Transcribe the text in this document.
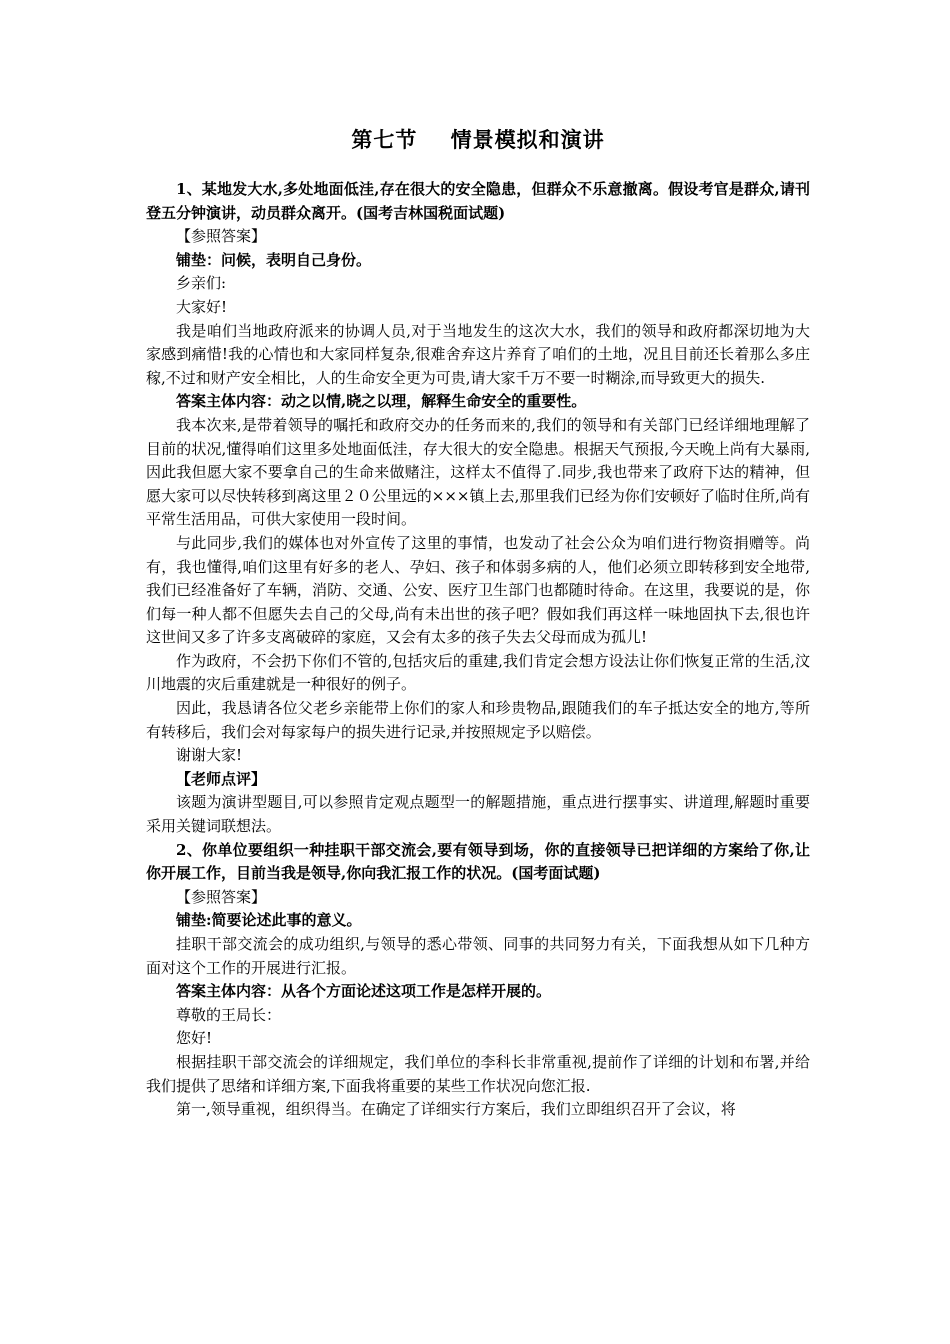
第七节    情景模拟和演讲

1、某地发大水,多处地面低洼,存在很大的安全隐患，但群众不乐意撤离。假设考官是群众,请刊登五分钟演讲，动员群众离开。(国考吉林国税面试题)

【参照答案】

铺垫：问候，表明自己身份。

乡亲们:

大家好!

我是咱们当地政府派来的协调人员,对于当地发生的这次大水，我们的领导和政府都深切地为大家感到痛惜!我的心情也和大家同样复杂,很难舍弃这片养育了咱们的土地，况且目前还长着那么多庄稼,不过和财产安全相比，人的生命安全更为可贵,请大家千万不要一时糊涂,而导致更大的损失.

答案主体内容：动之以情,晓之以理，解释生命安全的重要性。

我本次来,是带着领导的嘱托和政府交办的任务而来的,我们的领导和有关部门已经详细地理解了目前的状况,懂得咱们这里多处地面低洼，存大很大的安全隐患。根据天气预报,今天晚上尚有大暴雨,因此我但愿大家不要拿自己的生命来做赌注，这样太不值得了.同步,我也带来了政府下达的精神，但愿大家可以尽快转移到离这里２０公里远的×××镇上去,那里我们已经为你们安顿好了临时住所,尚有平常生活用品，可供大家使用一段时间。

与此同步,我们的媒体也对外宣传了这里的事情，也发动了社会公众为咱们进行物资捐赠等。尚有，我也懂得,咱们这里有好多的老人、孕妇、孩子和体弱多病的人，他们必须立即转移到安全地带,我们已经准备好了车辆，消防、交通、公安、医疗卫生部门也都随时待命。在这里，我要说的是，你们每一种人都不但愿失去自己的父母,尚有未出世的孩子吧？假如我们再这样一味地固执下去,很也许这世间又多了许多支离破碎的家庭，又会有太多的孩子失去父母而成为孤儿!

作为政府，不会扔下你们不管的,包括灾后的重建,我们肯定会想方设法让你们恢复正常的生活,汶川地震的灾后重建就是一种很好的例子。

因此，我恳请各位父老乡亲能带上你们的家人和珍贵物品,跟随我们的车子抵达安全的地方,等所有转移后，我们会对每家每户的损失进行记录,并按照规定予以赔偿。

谢谢大家!

【老师点评】

该题为演讲型题目,可以参照肯定观点题型一的解题措施，重点进行摆事实、讲道理,解题时重要采用关键词联想法。

2、你单位要组织一种挂职干部交流会,要有领导到场，你的直接领导已把详细的方案给了你,让你开展工作，目前当我是领导,你向我汇报工作的状况。(国考面试题)

【参照答案】

铺垫:简要论述此事的意义。

挂职干部交流会的成功组织,与领导的悉心带领、同事的共同努力有关，下面我想从如下几种方面对这个工作的开展进行汇报。

答案主体内容：从各个方面论述这项工作是怎样开展的。

尊敬的王局长：

您好!

根据挂职干部交流会的详细规定，我们单位的李科长非常重视,提前作了详细的计划和布署,并给我们提供了思绪和详细方案,下面我将重要的某些工作状况向您汇报.

第一,领导重视，组织得当。在确定了详细实行方案后，我们立即组织召开了会议，将
